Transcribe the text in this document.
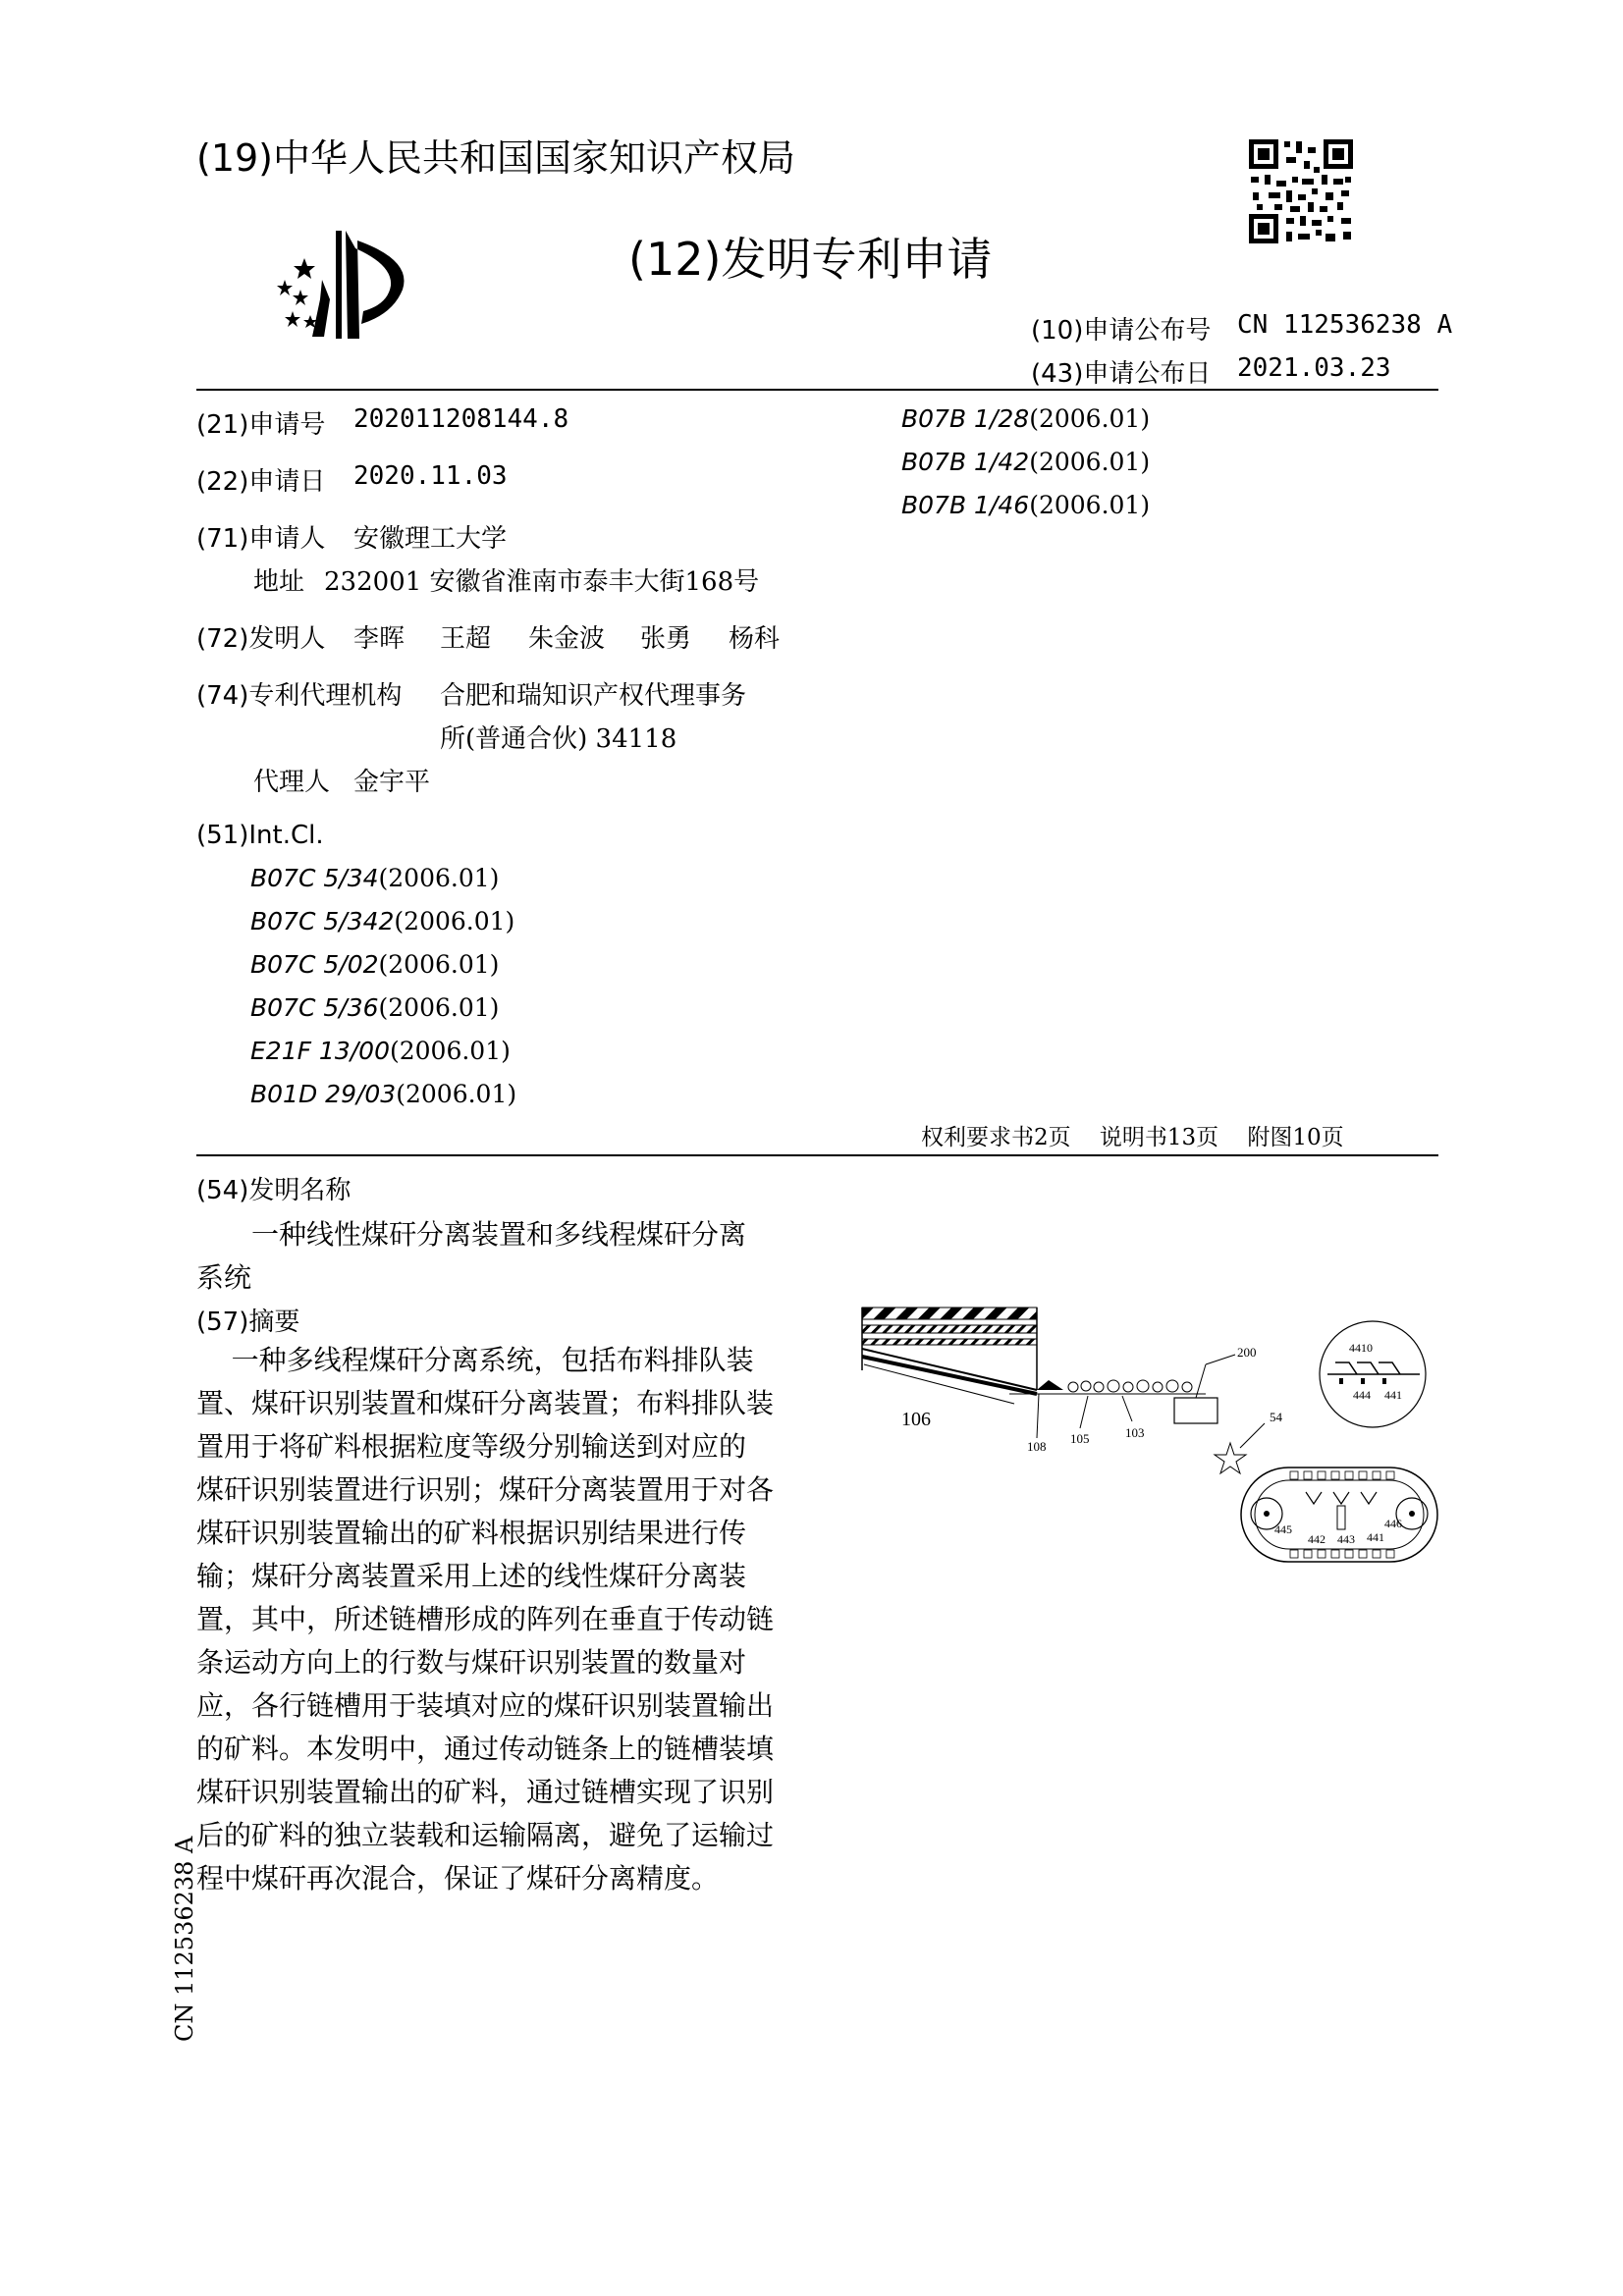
(19)中华人民共和国国家知识产权局
(12)发明专利申请
(10)申请公布号 CN 112536238 A
(43)申请公布日 2021.03.23
(21)申请号 202011208144.8
(22)申请日 2020.11.03
(71)申请人 安徽理工大学
地址 232001 安徽省淮南市泰丰大街168号
(72)发明人 李晖 王超 朱金波 张勇 杨科
(74)专利代理机构 合肥和瑞知识产权代理事务
所(普通合伙) 34118
代理人 金宇平
(51)Int.Cl.
B07C 5/34(2006.01)
B07C 5/342(2006.01)
B07C 5/02(2006.01)
B07C 5/36(2006.01)
E21F 13/00(2006.01)
B01D 29/03(2006.01)
B07B 1/28(2006.01)
B07B 1/42(2006.01)
B07B 1/46(2006.01)
权利要求书2页    说明书13页    附图10页
(54)发明名称
一种线性煤矸分离装置和多线程煤矸分离
系统
(57)摘要
一种多线程煤矸分离系统，包括布料排队装
置、煤矸识别装置和煤矸分离装置；布料排队装
置用于将矿料根据粒度等级分别输送到对应的
煤矸识别装置进行识别；煤矸分离装置用于对各
煤矸识别装置输出的矿料根据识别结果进行传
输；煤矸分离装置采用上述的线性煤矸分离装
置，其中，所述链槽形成的阵列在垂直于传动链
条运动方向上的行数与煤矸识别装置的数量对
应，各行链槽用于装填对应的煤矸识别装置输出
的矿料。本发明中，通过传动链条上的链槽装填
煤矸识别装置输出的矿料，通过链槽实现了识别
后的矿料的独立装载和运输隔离，避免了运输过
程中煤矸再次混合，保证了煤矸分离精度。
106
108
105	103
200
54
4410
444 441
445
442 443 441
446
CN 112536238 A
